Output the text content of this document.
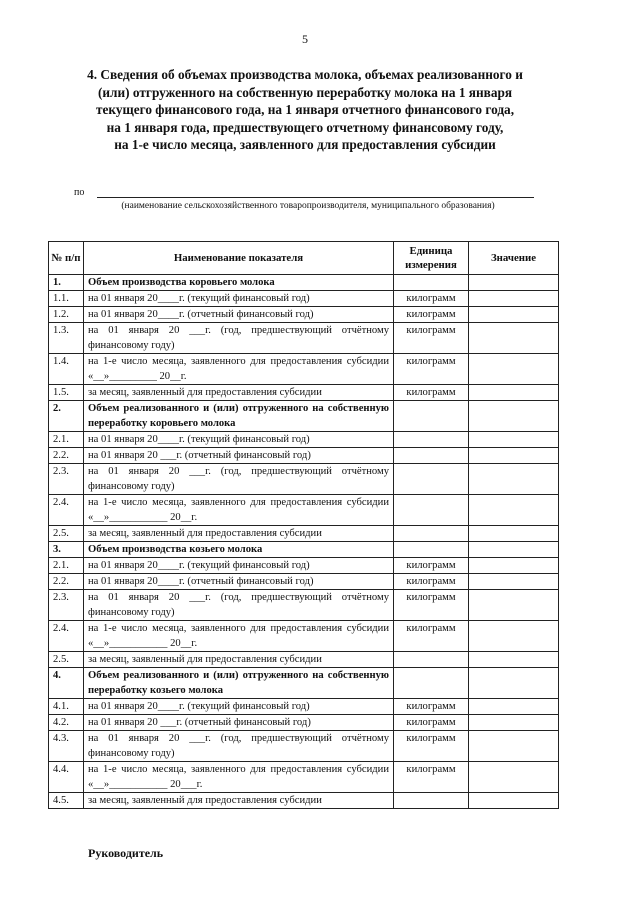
5
4. Сведения об объемах производства молока, объемах реализованного и
(или) отгруженного на собственную переработку молока на 1 января
текущего финансового года, на 1 января отчетного финансового года,
на 1 января года, предшествующего отчетному финансовому году,
на 1-е число месяца, заявленного для предоставления субсидии
по
(наименование сельскохозяйственного товаропроизводителя, муниципального образования)
№ п/п	Наименование показателя	Единица измерения	Значение
1.	Объем производства коровьего молока		
1.1.	на 01 января 20____г. (текущий финансовый год)	килограмм	
1.2.	на 01 января 20____г. (отчетный финансовый год)	килограмм	
1.3.	на 01 января 20 ___г. (год, предшествующий отчётному финансовому году)	килограмм	
1.4.	на 1-е число месяца, заявленного для предоставления субсидии «__»_________ 20__г.	килограмм	
1.5.	за месяц, заявленный для предоставления субсидии	килограмм	
2.	Объем реализованного и (или) отгруженного на собственную переработку коровьего молока		
2.1.	на 01 января 20____г. (текущий финансовый год)		
2.2.	на 01 января 20 ___г. (отчетный финансовый год)		
2.3.	на 01 января 20 ___г. (год, предшествующий отчётному финансовому году)		
2.4.	на 1-е число месяца, заявленного для предоставления субсидии «__»___________ 20__г.		
2.5.	за месяц, заявленный для предоставления субсидии		
3.	Объем производства козьего молока		
2.1.	на 01 января 20____г. (текущий финансовый год)	килограмм	
2.2.	на 01 января 20____г. (отчетный финансовый год)	килограмм	
2.3.	на 01 января 20 ___г. (год, предшествующий отчётному финансовому году)	килограмм	
2.4.	на 1-е число месяца, заявленного для предоставления субсидии «__»___________ 20__г.	килограмм	
2.5.	за месяц, заявленный для предоставления субсидии		
4.	Объем реализованного и (или) отгруженного на собственную переработку козьего молока		
4.1.	на 01 января 20____г. (текущий финансовый год)	килограмм	
4.2.	на 01 января 20 ___г. (отчетный финансовый год)	килограмм	
4.3.	на 01 января 20 ___г. (год, предшествующий отчётному финансовому году)	килограмм	
4.4.	на 1-е число месяца, заявленного для предоставления субсидии «__»___________ 20___г.	килограмм	
4.5.	за месяц, заявленный для предоставления субсидии		
Руководитель
